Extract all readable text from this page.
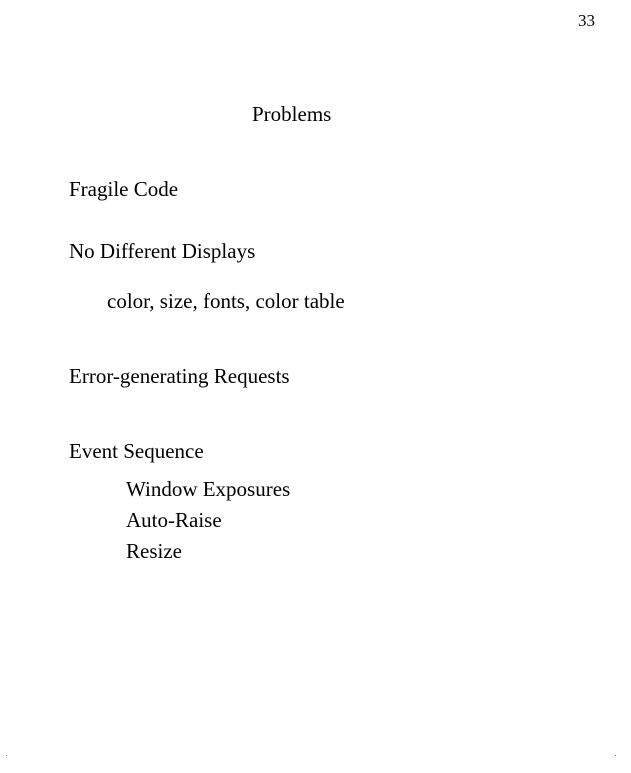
33
Problems
Fragile Code
No Different Displays
color, size, fonts, color table
Error-generating Requests
Event Sequence
Window Exposures
Auto-Raise
Resize
